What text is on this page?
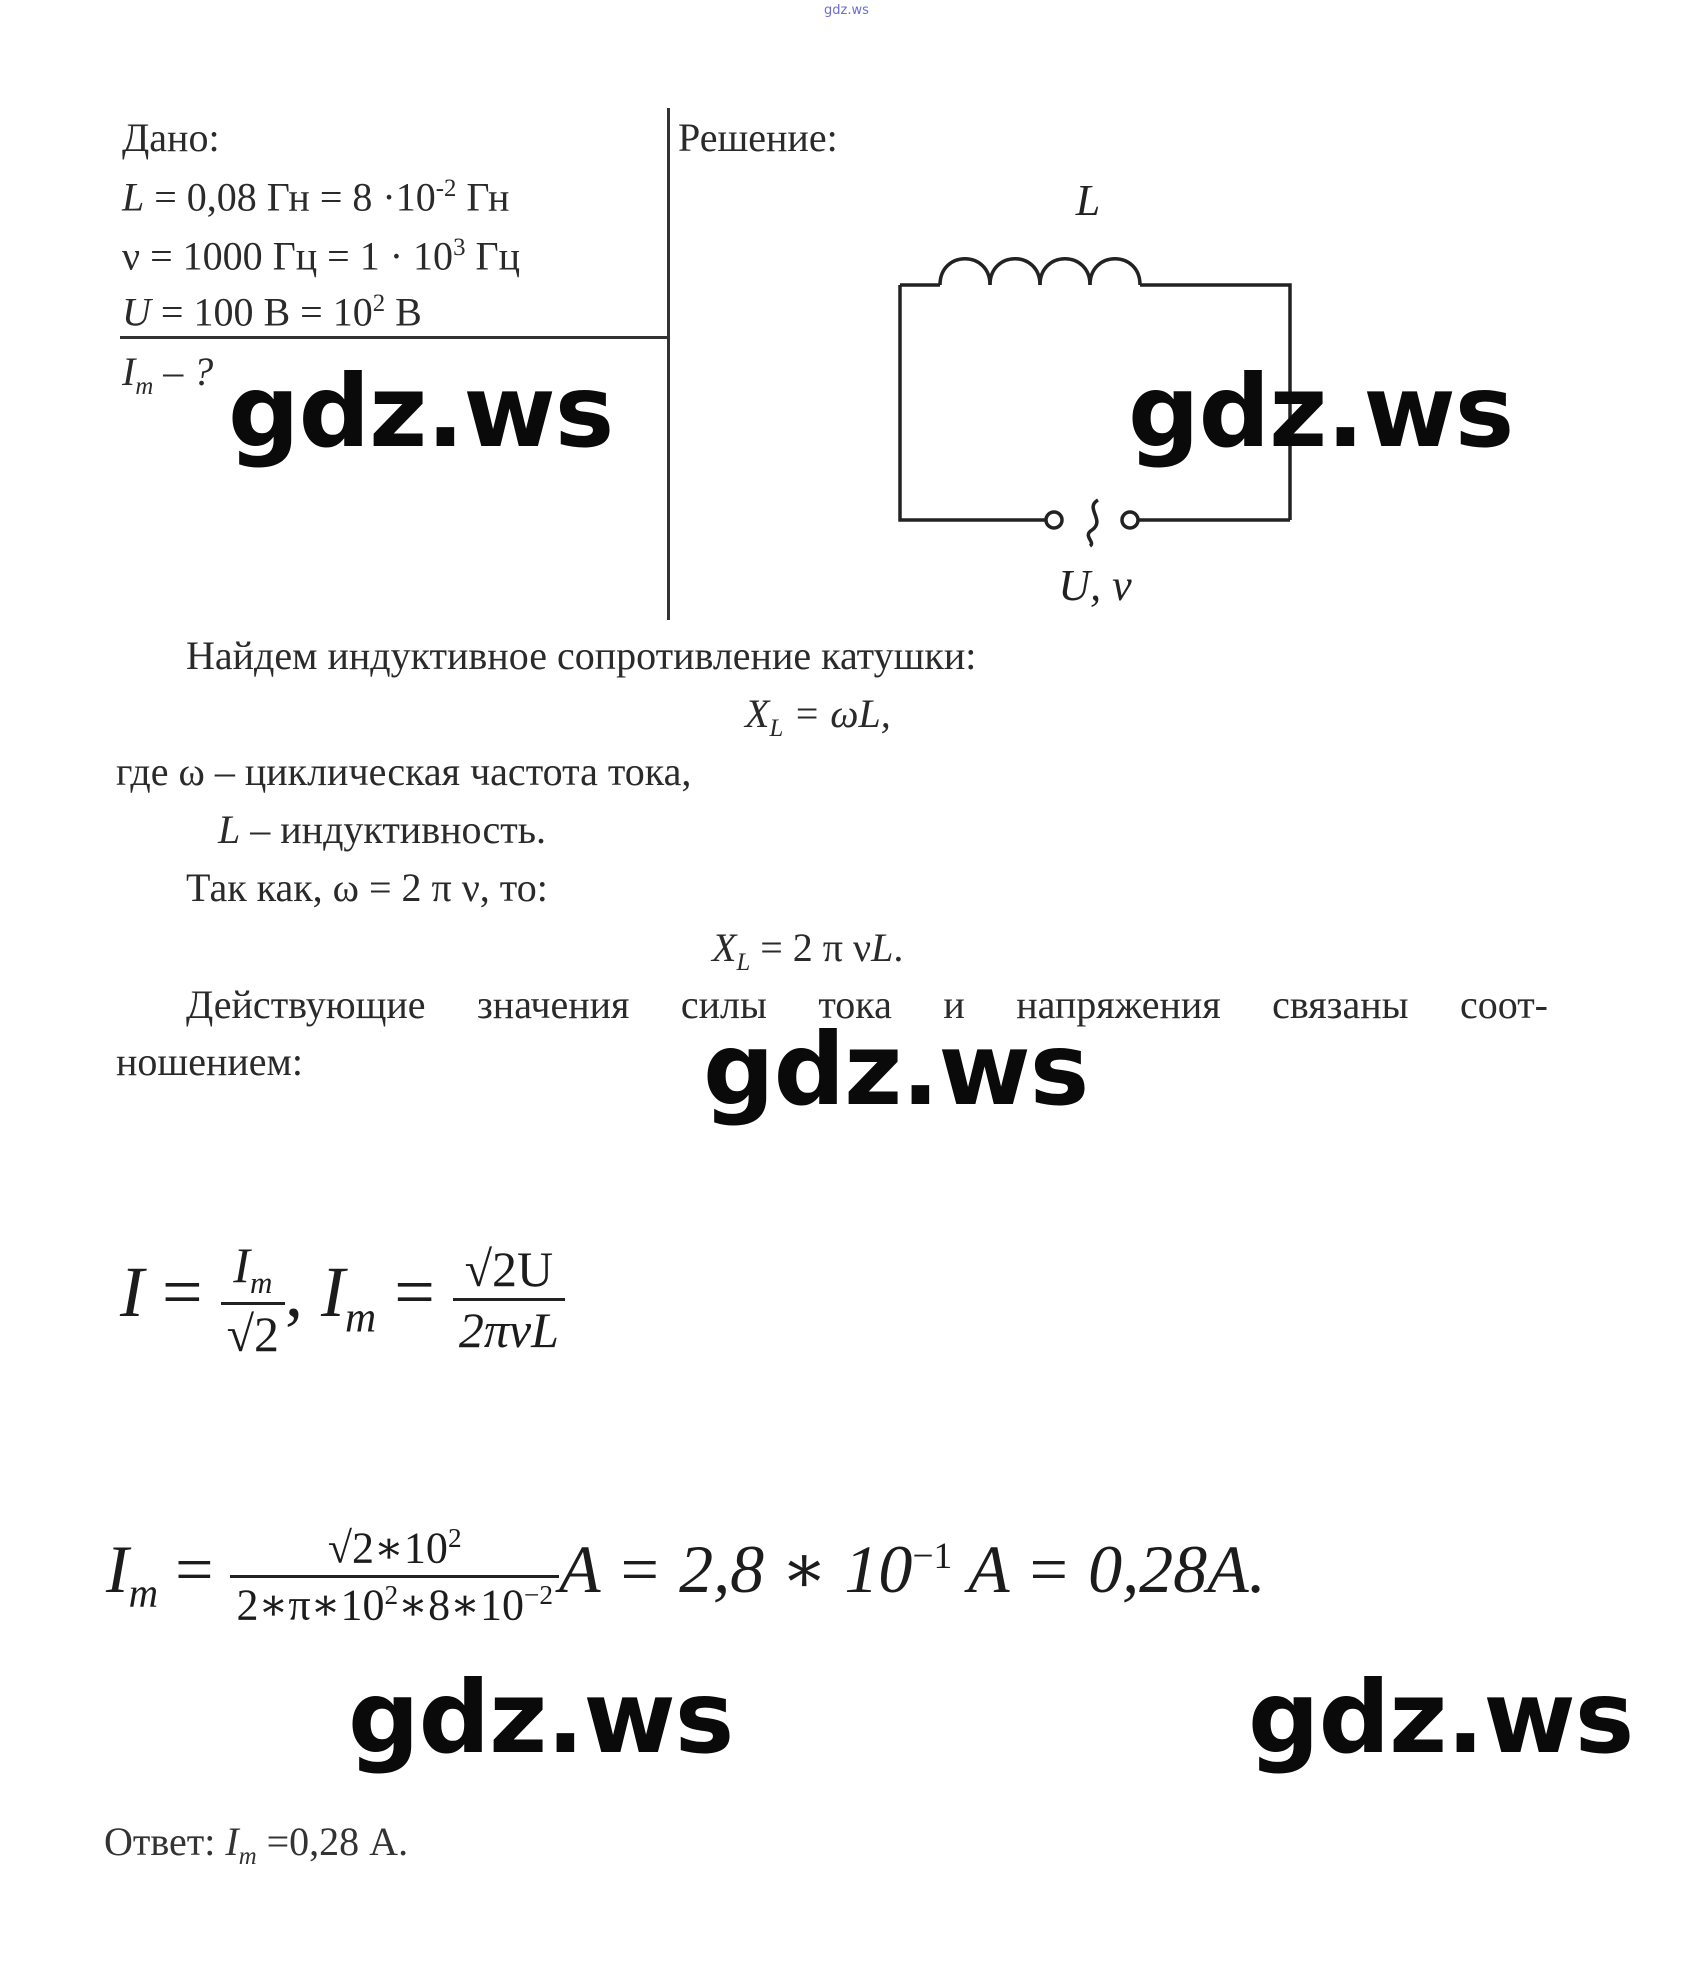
gdz.ws
Дано:
L = 0,08 Гн = $8 \cdot 10^{-2}$ Гн
ν = 1000 Гц = $1 \cdot 10^3$ Гц
U = 100 $В = 10^2$ В
$I_m$ – ?
Решение:
L
U, ν
Найдем индуктивное сопротивление катушки:
$X_L = \omega L$,
где ω – циклическая частота тока,
L – индуктивность.
Так как, ω = 2 π ν, то:
$X_L = 2$ π νL.
Действующие значения силы тока и напряжения связаны соот-
ношением:
$I = \frac{I_m}{√2}$ , $I_m = \frac{√2U}{\text{2πνL}}$
$I_m = \frac{√2∗10^2}{2∗\pi∗10^2∗8∗10^{-2}}$ A = 2,8 ∗ $10^{-1}$ A = 0,28A.
Ответ: $I_m =0,28$ А.
gdz.ws	gdz.ws
gdz.ws
gdz.ws	gdz.ws
